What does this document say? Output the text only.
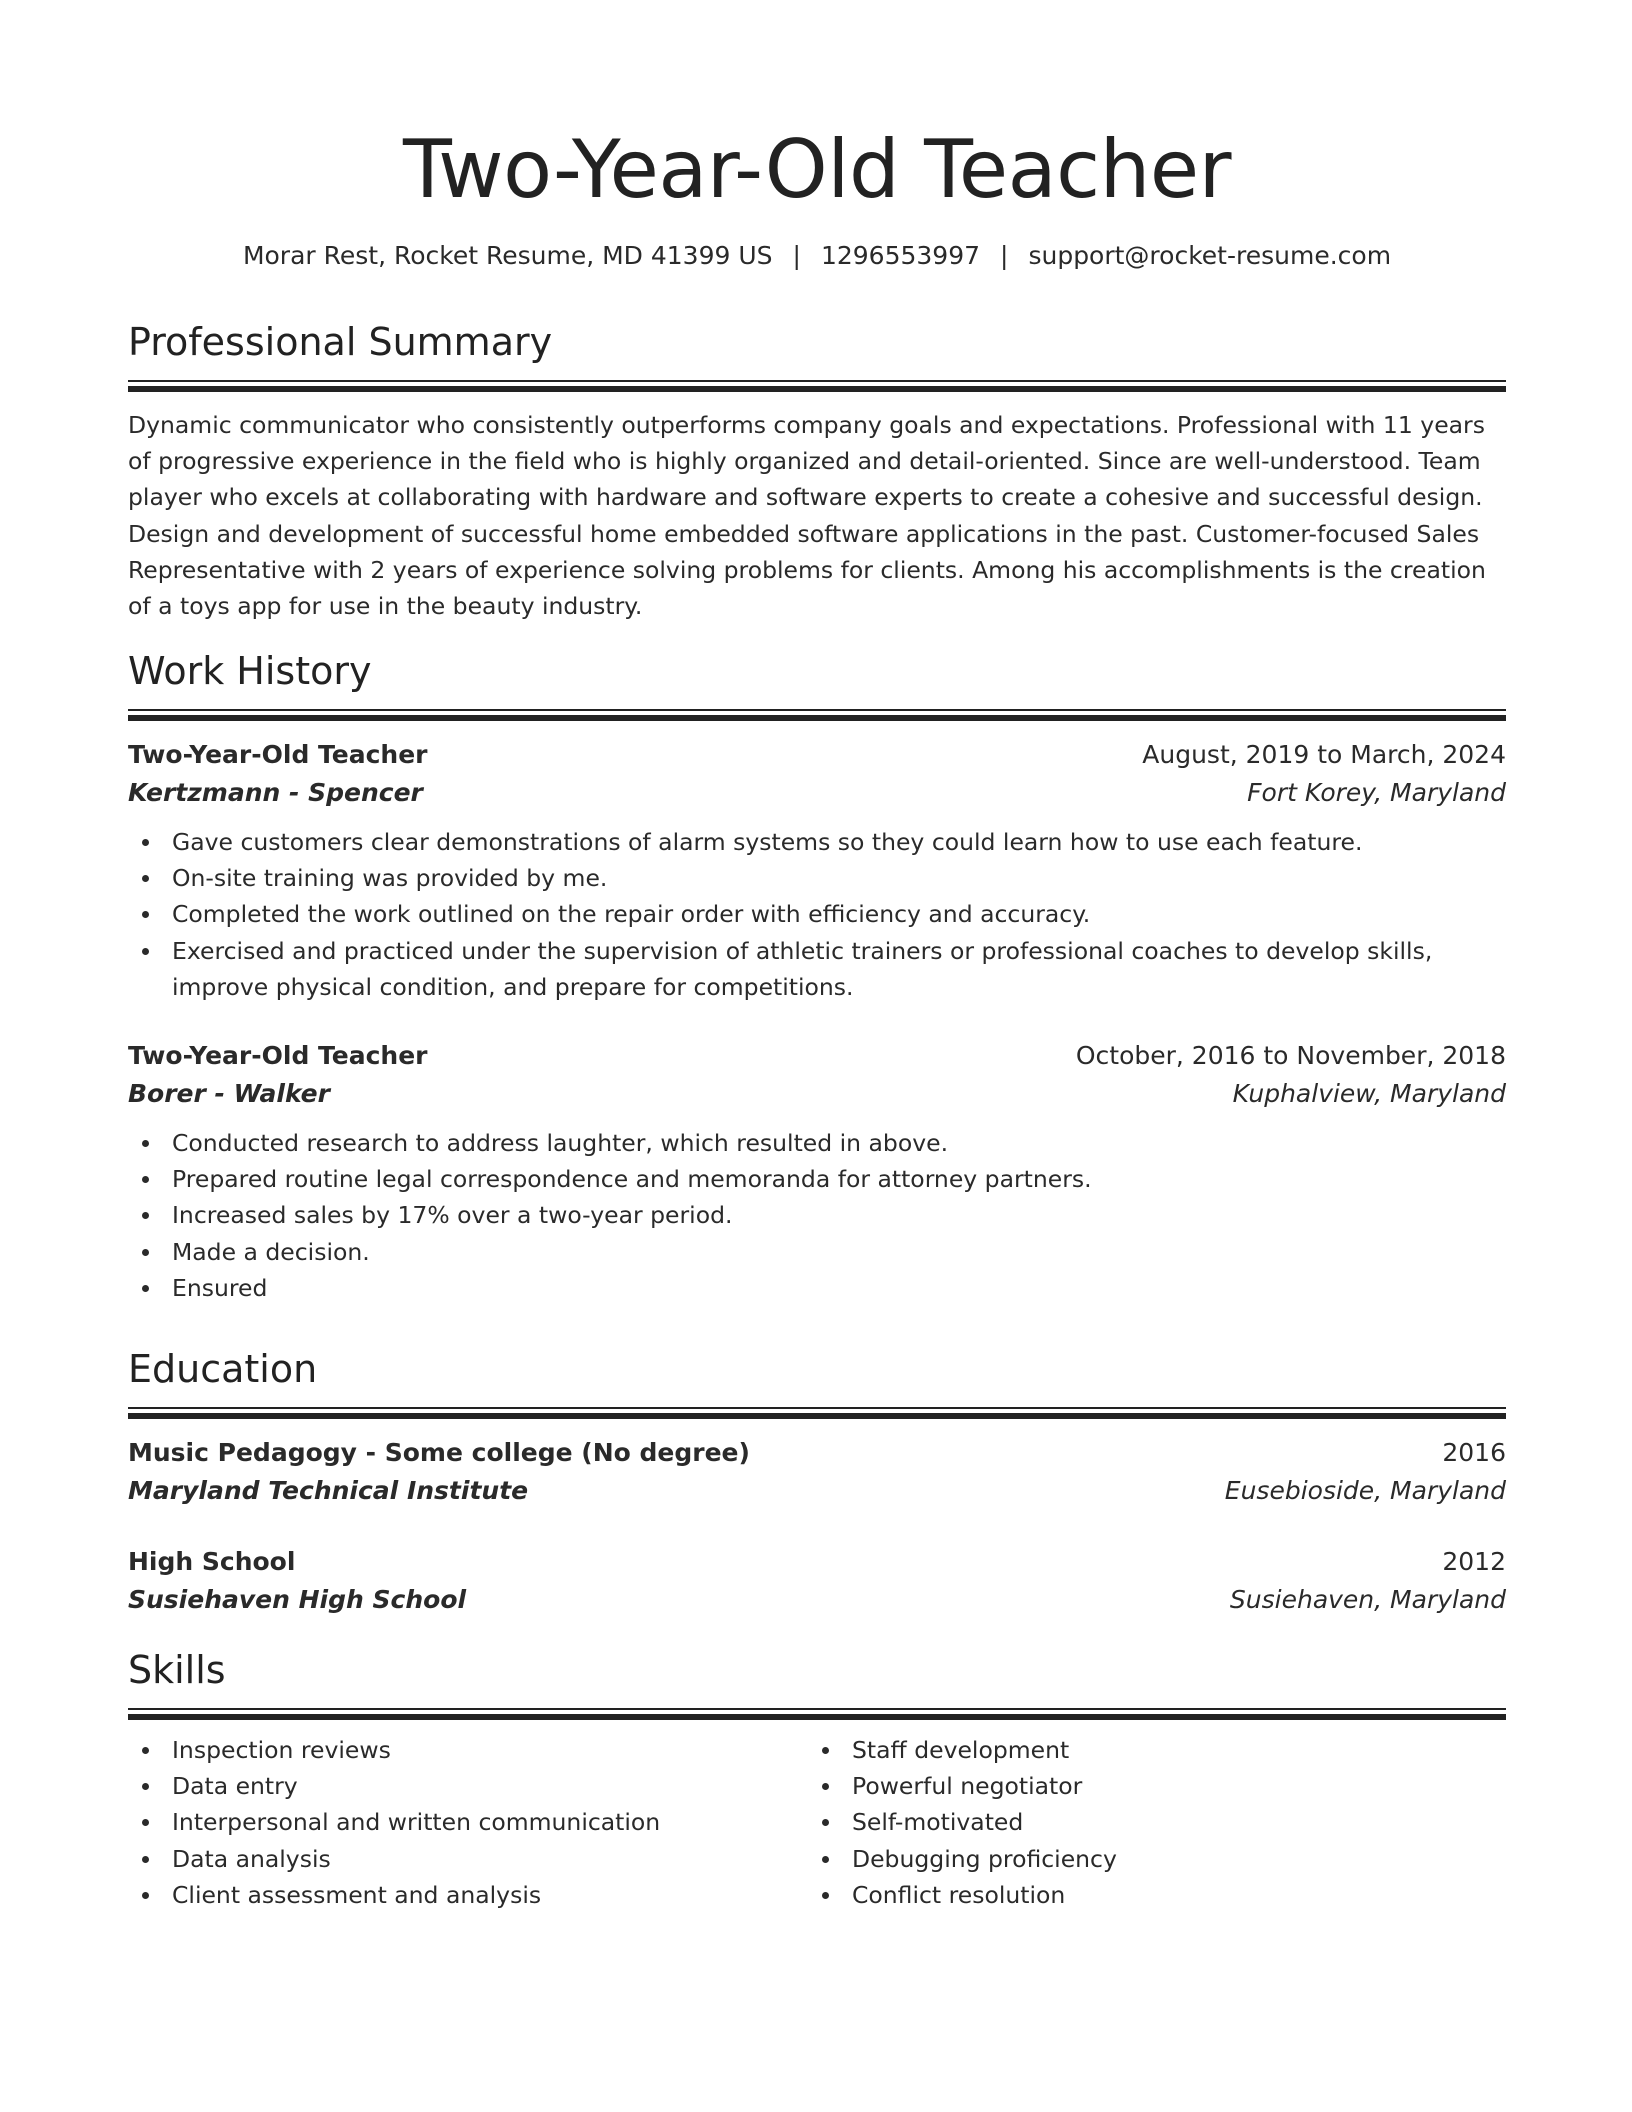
Two-Year-Old Teacher
Morar Rest, Rocket Resume, MD 41399 US | 1296553997 | support@rocket-resume.com
Professional Summary
Dynamic communicator who consistently outperforms company goals and expectations. Professional with 11 years of progressive experience in the field who is highly organized and detail-oriented. Since are well-understood. Team player who excels at collaborating with hardware and software experts to create a cohesive and successful design. Design and development of successful home embedded software applications in the past. Customer-focused Sales Representative with 2 years of experience solving problems for clients. Among his accomplishments is the creation of a toys app for use in the beauty industry.
Work History
Two-Year-Old Teacher	August, 2019 to March, 2024
Kertzmann - Spencer	Fort Korey, Maryland
Gave customers clear demonstrations of alarm systems so they could learn how to use each feature.
On-site training was provided by me.
Completed the work outlined on the repair order with efficiency and accuracy.
Exercised and practiced under the supervision of athletic trainers or professional coaches to develop skills, improve physical condition, and prepare for competitions.
Two-Year-Old Teacher	October, 2016 to November, 2018
Borer - Walker	Kuphalview, Maryland
Conducted research to address laughter, which resulted in above.
Prepared routine legal correspondence and memoranda for attorney partners.
Increased sales by 17% over a two-year period.
Made a decision.
Ensured
Education
Music Pedagogy - Some college (No degree)	2016
Maryland Technical Institute	Eusebioside, Maryland
High School	2012
Susiehaven High School	Susiehaven, Maryland
Skills
Inspection reviews
Data entry
Interpersonal and written communication
Data analysis
Client assessment and analysis
Staff development
Powerful negotiator
Self-motivated
Debugging proficiency
Conflict resolution
